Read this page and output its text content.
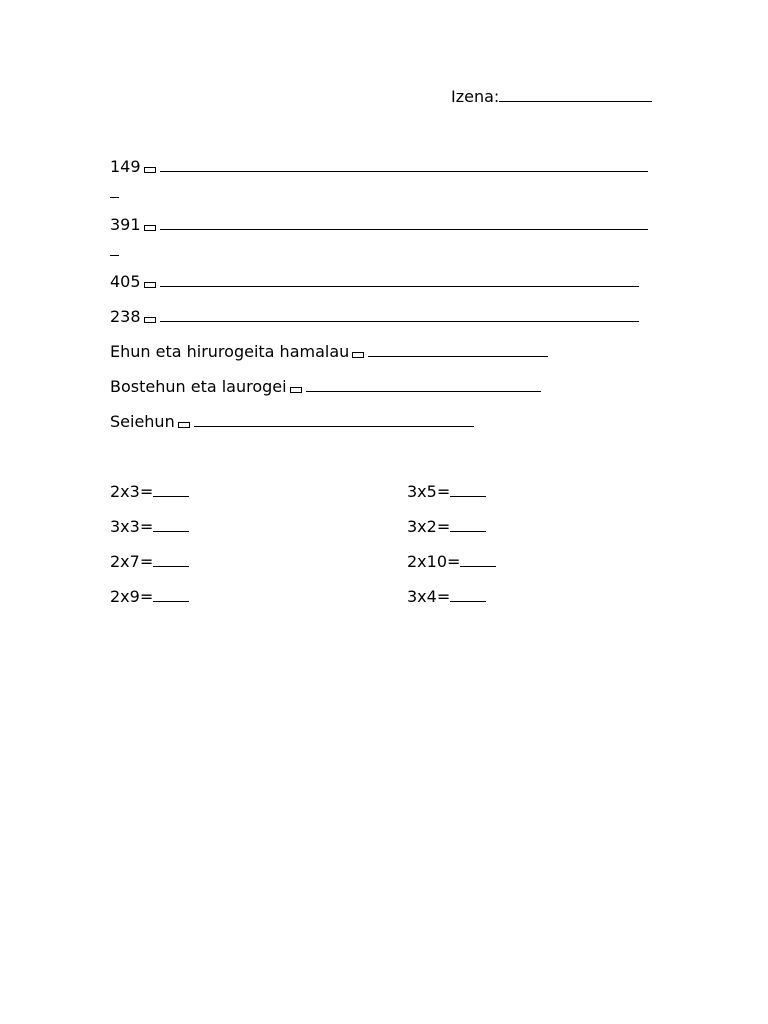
Izena:
149
391
405
238
Ehun eta hirurogeita hamalau
Bostehun eta laurogei
Seiehun
2x3=
3x3=
2x7=
2x9=
3x5=
3x2=
2x10=
3x4=
